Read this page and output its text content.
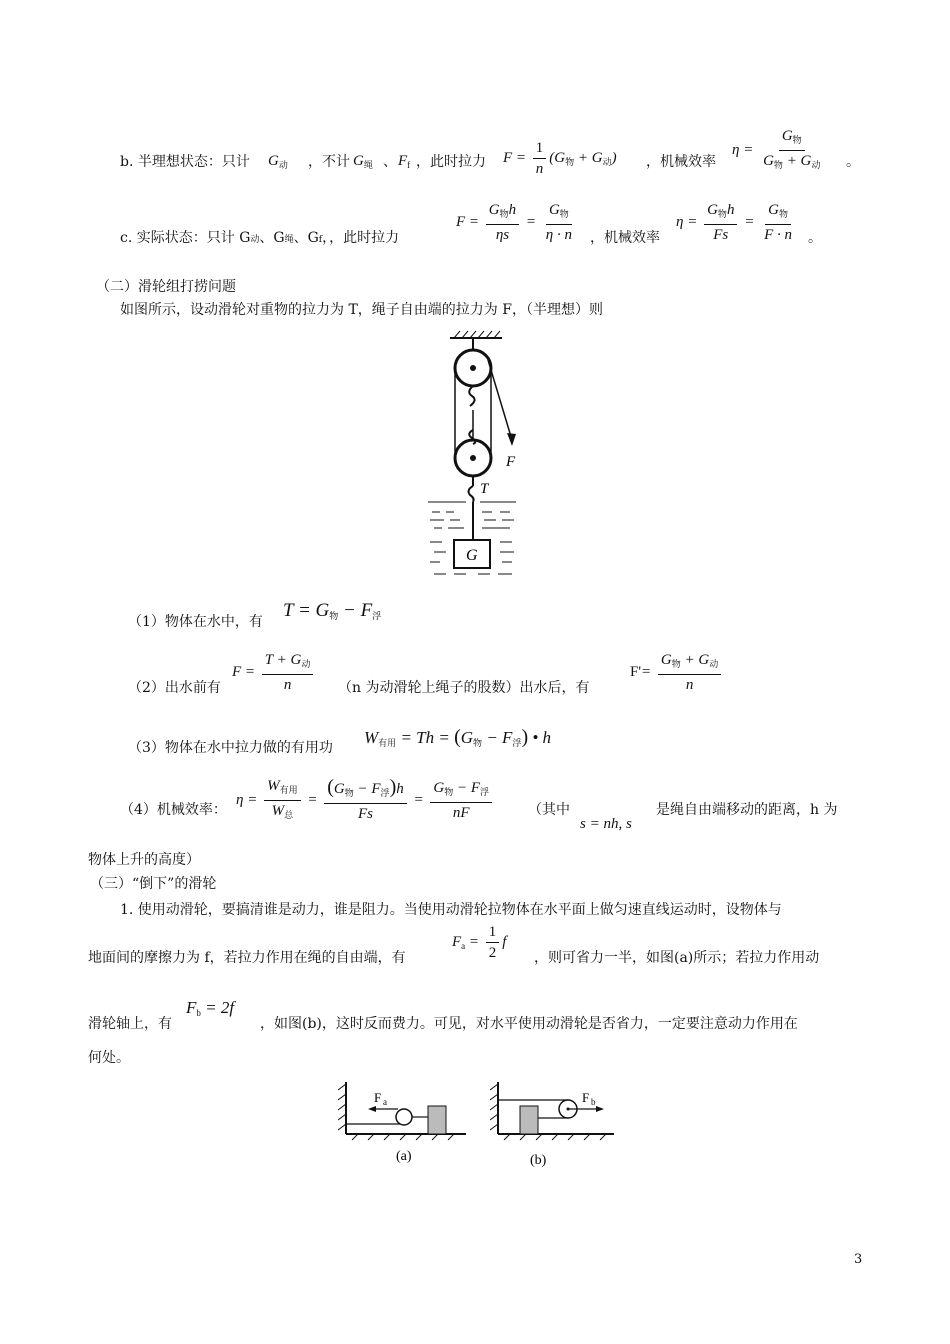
b. 半理想状态：只计 $G_动$ ，不计 $G_绳$ 、 $F_f$ ，此时拉力 $F = \frac{1}{n} (G_物 + G_动)$ ，机械效率
$\eta = \frac{G_物}{G_物 + G_动}$ 。
c. 实际状态：只计 G动、G绳、Gf，，此时拉力
$F = \frac{G_物h}{\eta s} = \frac{G_物}{\eta \cdot n}$ ，机械效率
$\eta = \frac{G_物h}{Fs} = \frac{G_物}{F \cdot n}$ 。
（二）滑轮组打捞问题
如图所示，设动滑轮对重物的拉力为 T，绳子自由端的拉力为 F，（半理想）则
F
T
G
（1）物体在水中，有
$T = G_物 - F_浮$
（2）出水前有
$F = \frac{T + G_动}{n} (n$ 为动滑轮上绳子的股数）出水后，有
$F'= \frac{G_物 + G_动}{n}$
（3）物体在水中拉力做的有用功
$W_{有用} = Th = (G_物 - F_浮)$ • h
（4）机械效率：
$\eta = \frac{W_{有用}}{W_总} = \frac{(G_物 - F_浮)h}{Fs} = \frac{G_物 - F_浮}{nF}$	（其中
s = nh, s
是绳自由端移动的距离，h 为
物体上升的高度）
（三）“倒下”的滑轮
1. 使用动滑轮，要搞清谁是动力，谁是阻力。当使用动滑轮拉物体在水平面上做匀速直线运动时，设物体与
地面间的摩擦力为 f，若拉力作用在绳的自由端，有
$F_a = \frac{1}{2}$ f
，则可省力一半，如图(a)所示；若拉力作用动
滑轮轴上，有
$F_b = 2f$
，如图(b)，这时反而费力。可见，对水平使用动滑轮是否省力，一定要注意动力作用在
何处。
F a
(a)
F b
(b)
3
